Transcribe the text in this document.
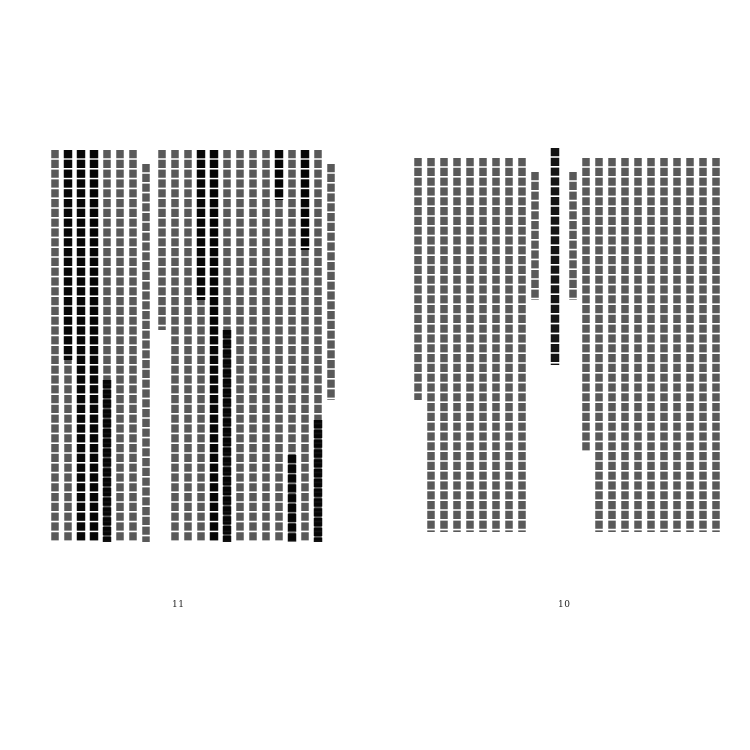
11	10
